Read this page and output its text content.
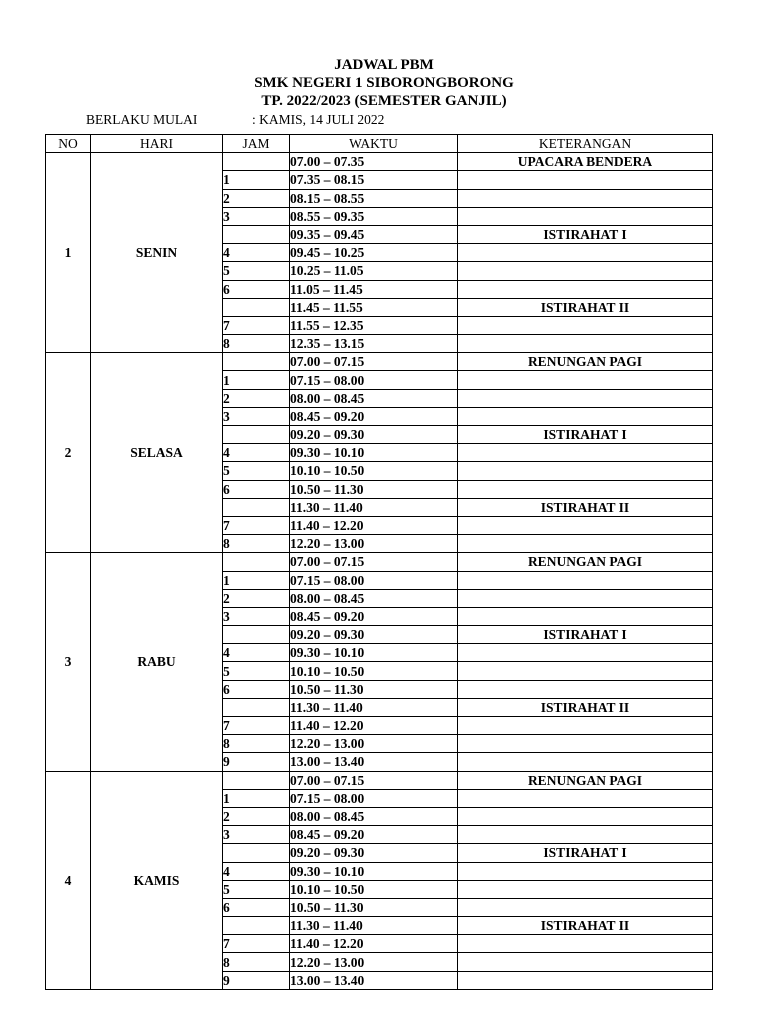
JADWAL PBM
SMK NEGERI 1 SIBORONGBORONG
TP. 2022/2023 (SEMESTER GANJIL)
BERLAKU MULAI	: KAMIS, 14 JULI 2022
NO	HARI	JAM	WAKTU	KETERANGAN
1	SENIN		07.00 – 07.35	UPACARA BENDERA
		1	07.35 – 08.15	
		2	08.15 – 08.55	
		3	08.55 – 09.35	
			09.35 – 09.45	ISTIRAHAT I
		4	09.45 – 10.25	
		5	10.25 – 11.05	
		6	11.05 – 11.45	
			11.45 – 11.55	ISTIRAHAT II
		7	11.55 – 12.35	
		8	12.35 – 13.15	
2	SELASA		07.00 – 07.15	RENUNGAN PAGI
		1	07.15 – 08.00	
		2	08.00 – 08.45	
		3	08.45 – 09.20	
			09.20 – 09.30	ISTIRAHAT I
		4	09.30 – 10.10	
		5	10.10 – 10.50	
		6	10.50 – 11.30	
			11.30 – 11.40	ISTIRAHAT II
		7	11.40 – 12.20	
		8	12.20 – 13.00	
3	RABU		07.00 – 07.15	RENUNGAN PAGI
		1	07.15 – 08.00	
		2	08.00 – 08.45	
		3	08.45 – 09.20	
			09.20 – 09.30	ISTIRAHAT I
		4	09.30 – 10.10	
		5	10.10 – 10.50	
		6	10.50 – 11.30	
			11.30 – 11.40	ISTIRAHAT II
		7	11.40 – 12.20	
		8	12.20 – 13.00	
		9	13.00 – 13.40	
4	KAMIS		07.00 – 07.15	RENUNGAN PAGI
		1	07.15 – 08.00	
		2	08.00 – 08.45	
		3	08.45 – 09.20	
			09.20 – 09.30	ISTIRAHAT I
		4	09.30 – 10.10	
		5	10.10 – 10.50	
		6	10.50 – 11.30	
			11.30 – 11.40	ISTIRAHAT II
		7	11.40 – 12.20	
		8	12.20 – 13.00	
		9	13.00 – 13.40	
